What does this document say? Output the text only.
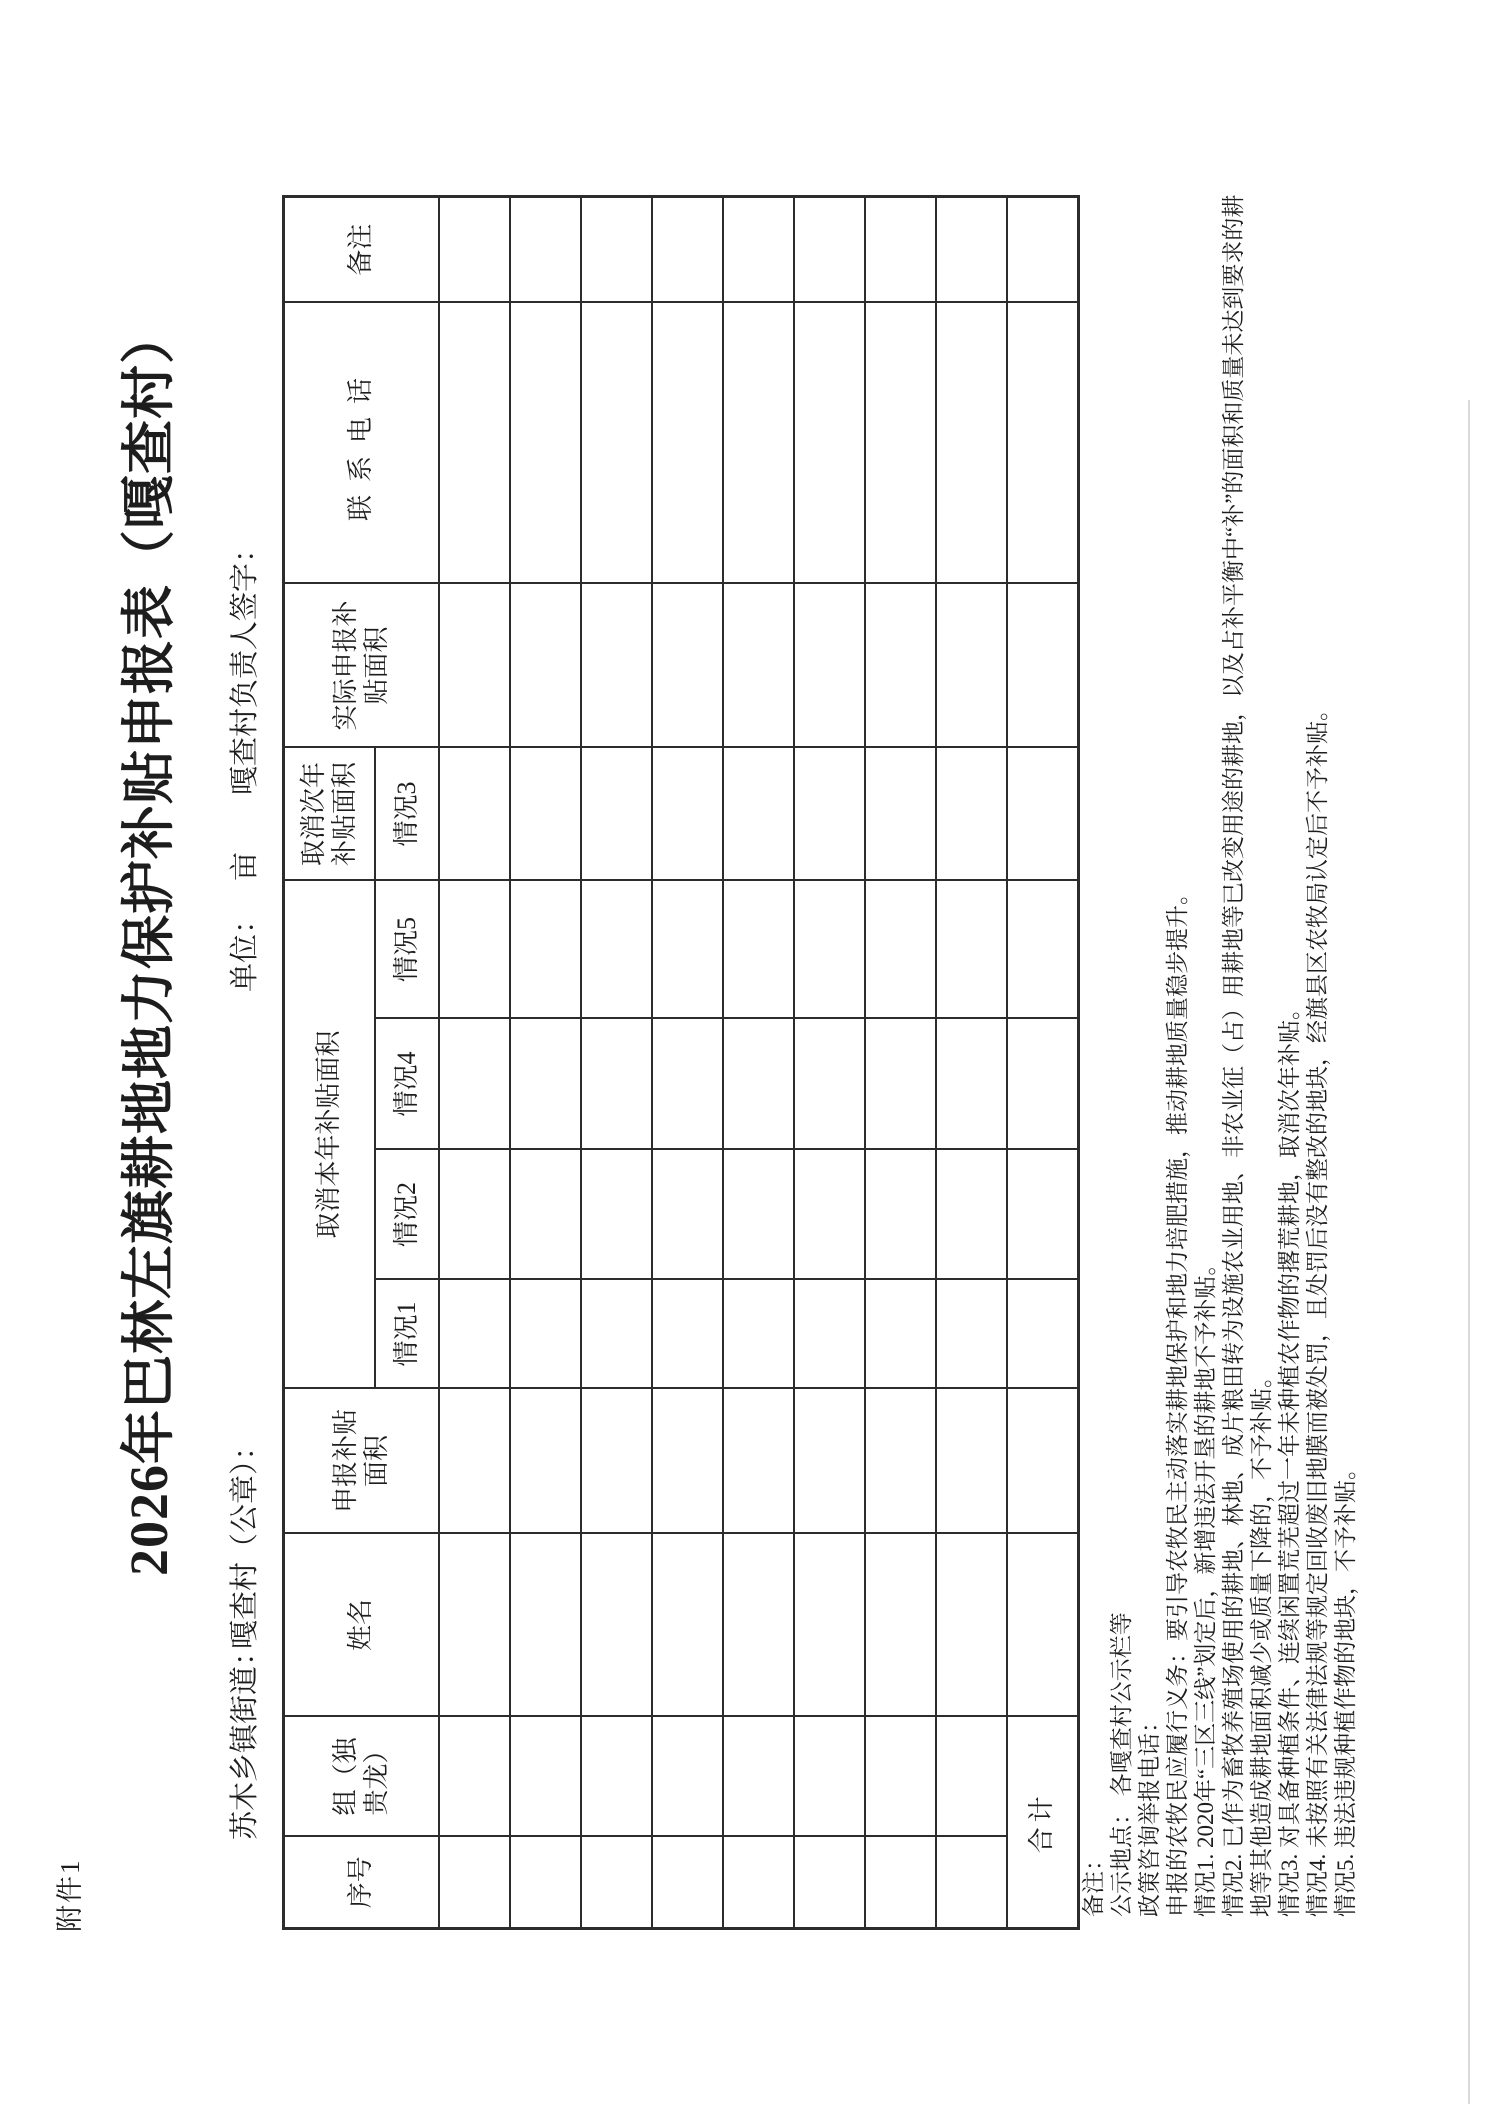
附件1
2026年巴林左旗耕地地力保护补贴申报表（嘎查村）
苏木乡镇街道：
嘎查村（公章）：
单位：亩
嘎查村负责人签字：
序号	组（独 贵龙）	姓名	申报补贴 面积	取消本年补贴面积				取消次年 补贴面积	实际申报补 贴面积	联系电话	备注
				情况1	情况2	情况4	情况5	情况3			

合计											
备注： 公示地点： 各嘎查村公示栏等 政策咨询举报电话： 申报的农牧民应履行义务：要引导农牧民主动落实耕地保护和地力培肥措施，推动耕地质量稳步提升。 情况1. 2020年“三区三线”划定后，新增违法开垦的耕地不予补贴。 情况2. 已作为畜牧养殖场使用的耕地、林地、成片粮田转为设施农业用地、非农业征（占）用耕地等已改变用途的耕地，以及占补平衡中“补”的面积和质量未达到要求的耕 地等其他造成耕地面积减少或质量下降的，不予补贴。 情况3. 对具备种植条件、连续闲置荒芜超过一年未种植农作物的撂荒耕地，取消次年补贴。 情况4. 未按照有关法律法规等规定回收废旧地膜而被处罚，且处罚后没有整改的地块，经旗县区农牧局认定后不予补贴。 情况5. 违法违规种植作物的地块，不予补贴。
